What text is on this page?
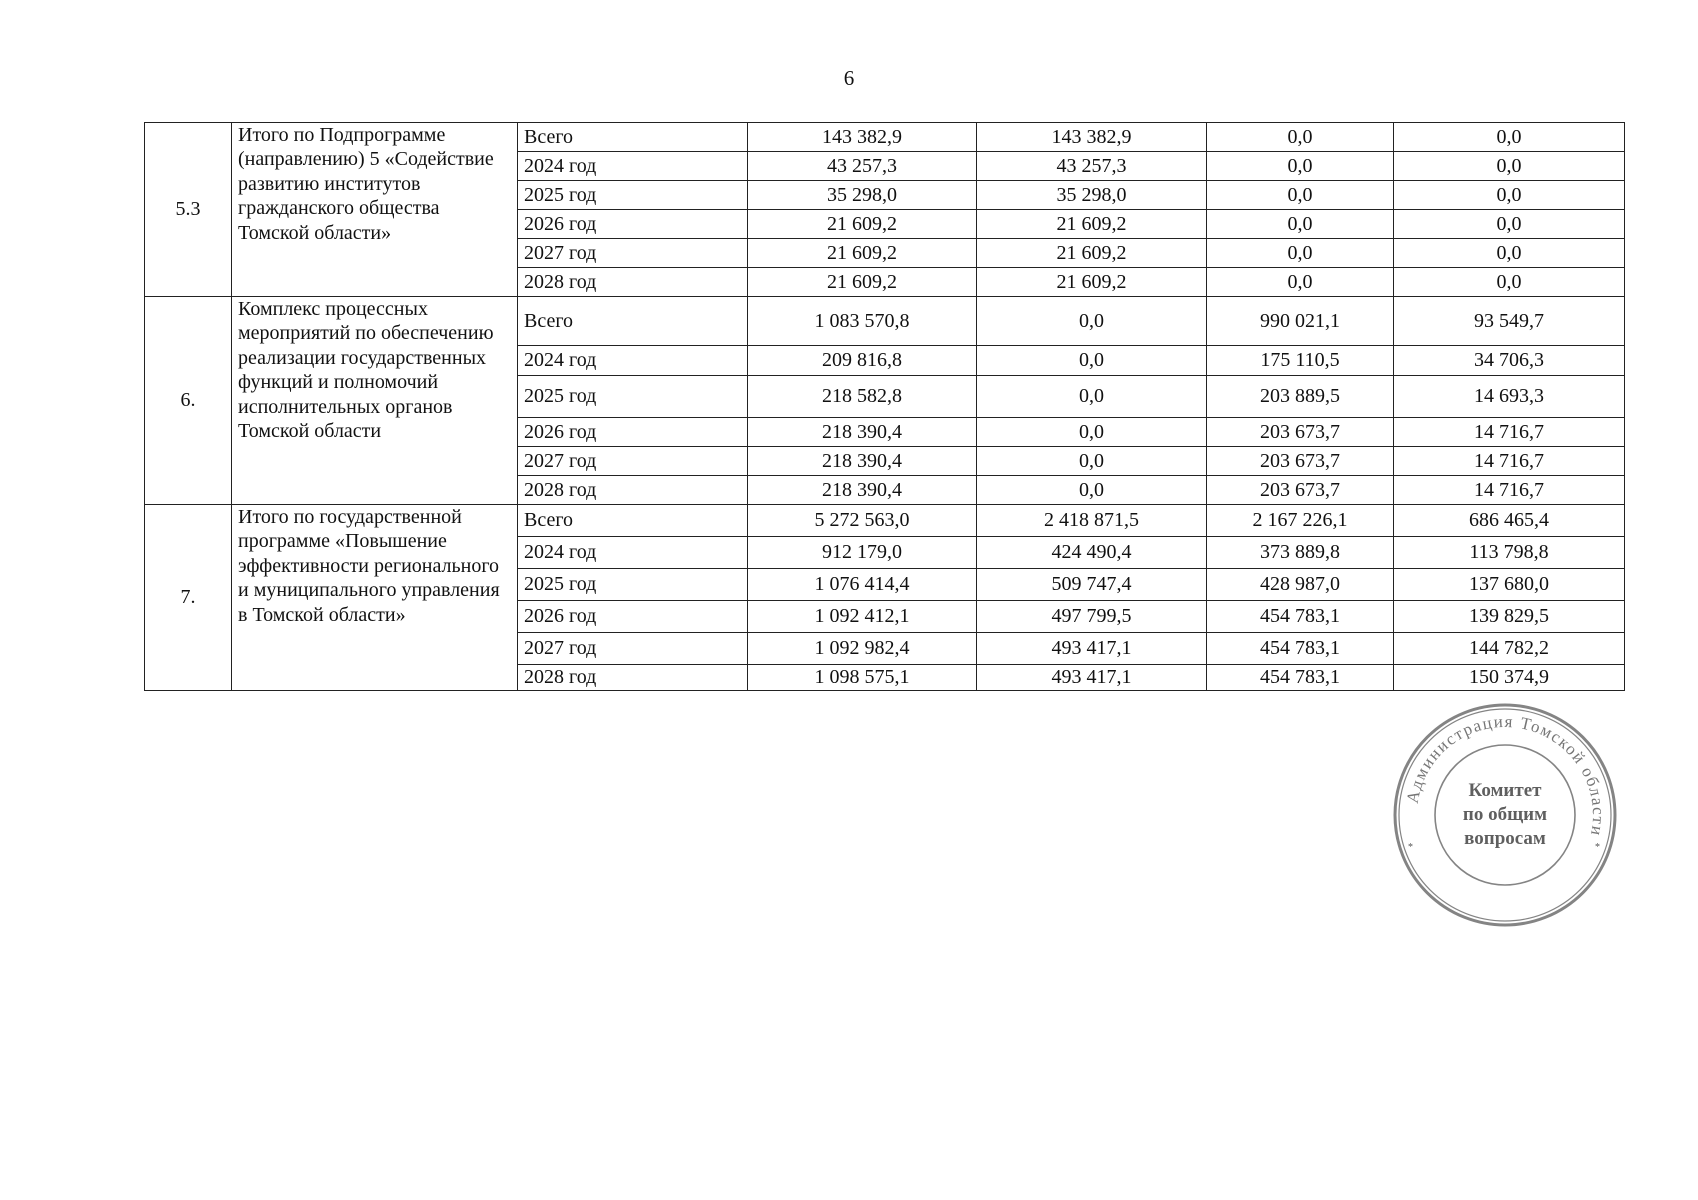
6
5.3	Итого по Подпрограмме (направлению) 5 «Содействие развитию институтов гражданского общества Томской области»	Всего	143 382,9	143 382,9	0,0	0,0
		2024 год	43 257,3	43 257,3	0,0	0,0
		2025 год	35 298,0	35 298,0	0,0	0,0
		2026 год	21 609,2	21 609,2	0,0	0,0
		2027 год	21 609,2	21 609,2	0,0	0,0
		2028 год	21 609,2	21 609,2	0,0	0,0
6.	Комплекс процессных мероприятий по обеспечению реализации государственных функций и полномочий исполнительных органов Томской области	Всего	1 083 570,8	0,0	990 021,1	93 549,7
		2024 год	209 816,8	0,0	175 110,5	34 706,3
		2025 год	218 582,8	0,0	203 889,5	14 693,3
		2026 год	218 390,4	0,0	203 673,7	14 716,7
		2027 год	218 390,4	0,0	203 673,7	14 716,7
		2028 год	218 390,4	0,0	203 673,7	14 716,7
7.	Итого по государственной программе «Повышение эффективности регионального и муниципального управления в Томской области»	Всего	5 272 563,0	2 418 871,5	2 167 226,1	686 465,4
		2024 год	912 179,0	424 490,4	373 889,8	113 798,8
		2025 год	1 076 414,4	509 747,4	428 987,0	137 680,0
		2026 год	1 092 412,1	497 799,5	454 783,1	139 829,5
		2027 год	1 092 982,4	493 417,1	454 783,1	144 782,2
		2028 год	1 098 575,1	493 417,1	454 783,1	150 374,9
Администрация Томской области
Комитет
по общим
вопросам
*	*
